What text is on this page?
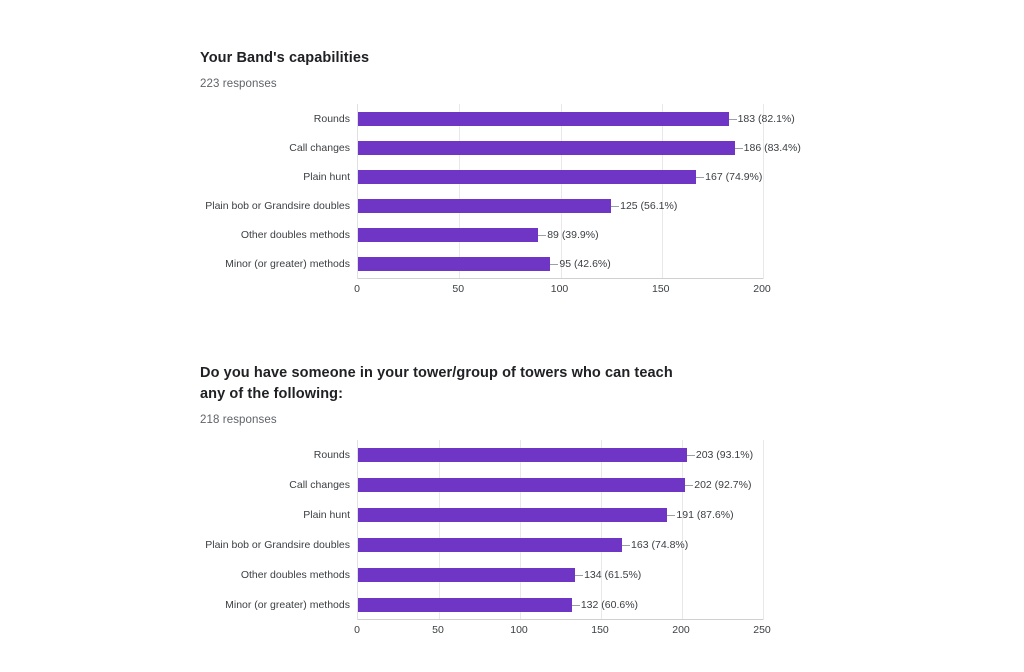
Your Band's capabilities
223 responses
Rounds	183 (82.1%)
Call changes	186 (83.4%)
Plain hunt	167 (74.9%)
Plain bob or Grandsire doubles	125 (56.1%)
Other doubles methods	89 (39.9%)
Minor (or greater) methods	95 (42.6%)
0	50	100	150	200
Do you have someone in your tower/group of towers who can teach any of the following:
218 responses
Rounds	203 (93.1%)
Call changes	202 (92.7%)
Plain hunt	191 (87.6%)
Plain bob or Grandsire doubles	163 (74.8%)
Other doubles methods	134 (61.5%)
Minor (or greater) methods	132 (60.6%)
0	50	100	150	200	250
